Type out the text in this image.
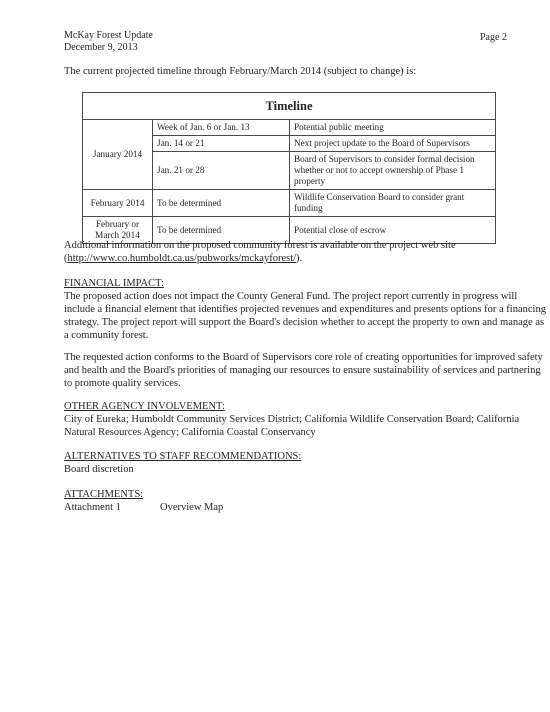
McKay Forest Update
December 9, 2013
Page 2
The current projected timeline through February/March 2014 (subject to change) is:
Timeline		
January 2014	Week of Jan. 6 or Jan. 13	Potential public meeting
	Jan. 14 or 21	Next project update to the Board of Supervisors
	Jan. 21 or 28	Board of Supervisors to consider formal decision whether or not to accept ownership of Phase 1 property
February 2014	To be determined	Wildlife Conservation Board to consider grant funding
February or March 2014	To be determined	Potential close of escrow
Additional information on the proposed community forest is available on the project web site
(http://www.co.humboldt.ca.us/pubworks/mckayforest/).
FINANCIAL IMPACT:
The proposed action does not impact the County General Fund. The project report currently in progress will include a financial element that identifies projected revenues and expenditures and presents options for a financing strategy. The project report will support the Board's decision whether to accept the property to own and manage as a community forest.
The requested action conforms to the Board of Supervisors core role of creating opportunities for improved safety and health and the Board's priorities of managing our resources to ensure sustainability of services and partnering to promote quality services.
OTHER AGENCY INVOLVEMENT:
City of Eureka; Humboldt Community Services District; California Wildlife Conservation Board; California Natural Resources Agency; California Coastal Conservancy
ALTERNATIVES TO STAFF RECOMMENDATIONS:
Board discretion
ATTACHMENTS:
Attachment 1	Overview Map
